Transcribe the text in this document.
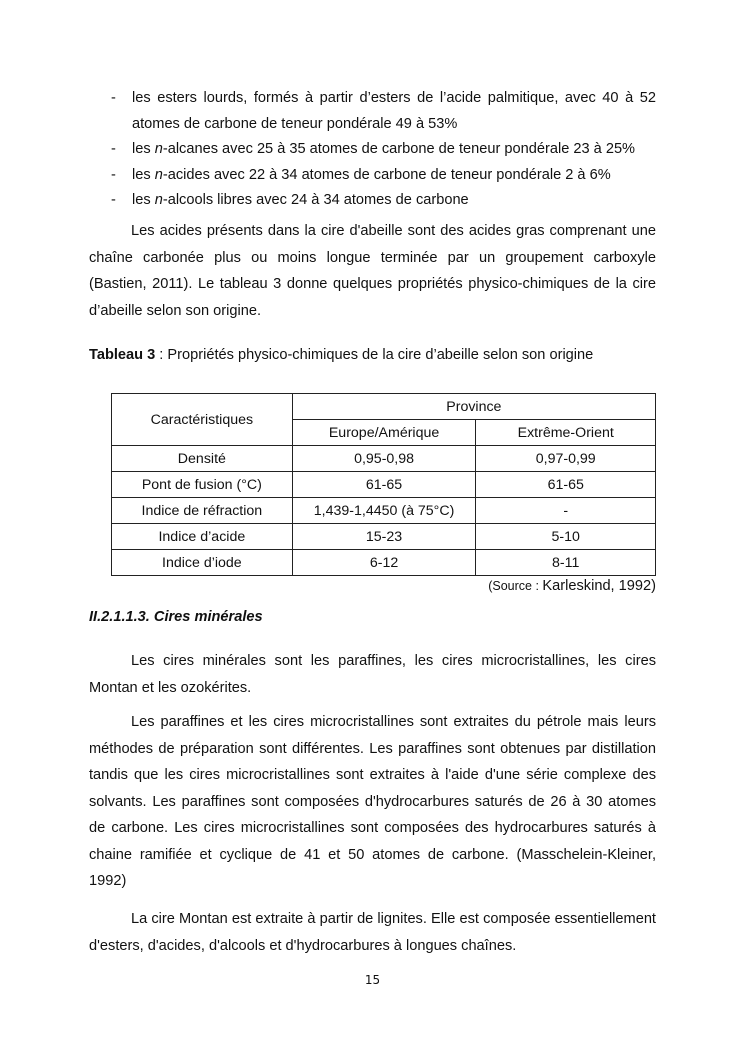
- les esters lourds, formés à partir d’esters de l’acide palmitique, avec 40 à 52 atomes de carbone de teneur pondérale 49 à 53%
- les n-alcanes avec 25 à 35 atomes de carbone de teneur pondérale 23 à 25%
- les n-acides avec 22 à 34 atomes de carbone de teneur pondérale 2 à 6%
- les n-alcools libres avec 24 à 34 atomes de carbone

Les acides présents dans la cire d'abeille sont des acides gras comprenant une chaîne carbonée plus ou moins longue terminée par un groupement carboxyle (Bastien, 2011). Le tableau 3 donne quelques propriétés physico-chimiques de la cire d’abeille selon son origine.

Tableau 3 : Propriétés physico-chimiques de la cire d’abeille selon son origine
Caractéristiques	Province	
	Europe/Amérique	Extrême-Orient
Densité	0,95-0,98	0,97-0,99
Pont de fusion (°C)	61-65	61-65
Indice de réfraction	1,439-1,4450 (à 75°C)	-
Indice d’acide	15-23	5-10
Indice d’iode	6-12	8-11
(Source : Karleskind, 1992)
II.2.1.1.3. Cires minérales

Les cires minérales sont les paraffines, les cires microcristallines, les cires Montan et les ozokérites.

Les paraffines et les cires microcristallines sont extraites du pétrole mais leurs méthodes de préparation sont différentes. Les paraffines sont obtenues par distillation tandis que les cires microcristallines sont extraites à l'aide d'une série complexe des solvants. Les paraffines sont composées d'hydrocarbures saturés de 26 à 30 atomes de carbone. Les cires microcristallines sont composées des hydrocarbures saturés à chaine ramifiée et cyclique de 41 et 50 atomes de carbone. (Masschelein-Kleiner, 1992)

La cire Montan est extraite à partir de lignites. Elle est composée essentiellement d'esters, d'acides, d'alcools et d'hydrocarbures à longues chaînes.

15
